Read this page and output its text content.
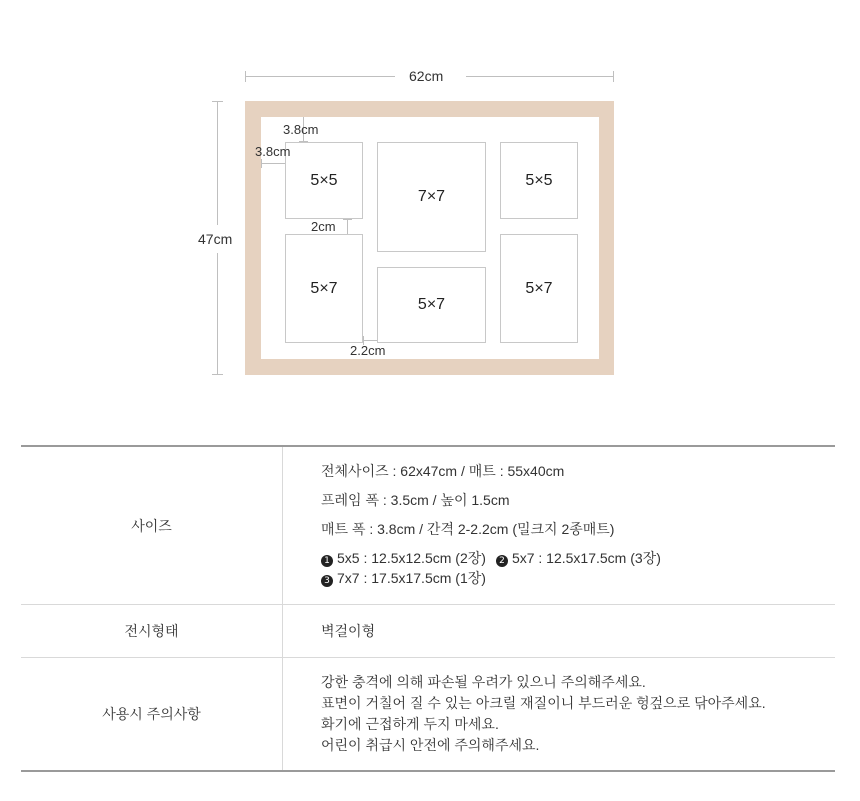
62cm
47cm
5×5
7×7
5×5
5×7
5×7
5×7
3.8cm
3.8cm
2cm
2.2cm
사이즈	전체사이즈 : 62x47cm / 매트 : 55x40cm
프레임 폭 : 3.5cm / 높이 1.5cm
매트 폭 : 3.8cm / 간격 2-2.2cm (밀크지 2종매트)
1 5x5 : 12.5x12.5cm (2장) 2 5x7 : 12.5x17.5cm (3장)
3 7x7 : 17.5x17.5cm (1장)

전시형태	벽걸이형
사용시 주의사항	강한 충격에 의해 파손될 우려가 있으니 주의해주세요.
표면이 거칠어 질 수 있는 아크릴 재질이니 부드러운 헝겊으로 닦아주세요.
화기에 근접하게 두지 마세요.
어린이 취급시 안전에 주의해주세요.
